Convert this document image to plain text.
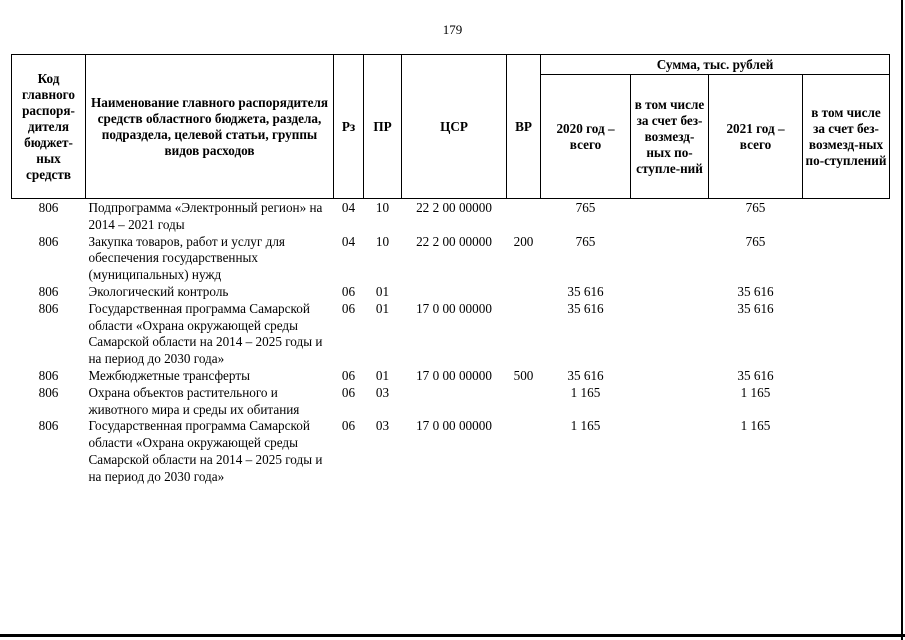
179
Код главного распоря-дителя бюджет-ных средств	Наименование главного распорядителя средств областного бюджета, раздела, подраздела, целевой статьи, группы видов расходов	Рз	ПР	ЦСР	ВР	Сумма, тыс. рублей			
						2020 год – всего	в том числе за счет без-возмезд-ных по-ступле-ний	2021 год – всего	в том числе за счет без-возмезд-ных по-ступлений
806	Подпрограмма «Электронный регион» на 2014 – 2021 годы	04	10	22 2 00 00000		765		765	
806	Закупка товаров, работ и услуг для обеспечения государственных (муниципальных) нужд	04	10	22 2 00 00000	200	765		765	
806	Экологический контроль	06	01			35 616		35 616	
806	Государственная программа Самарской области «Охрана окружающей среды Самарской области на 2014 – 2025 годы и на период до 2030 года»	06	01	17 0 00 00000		35 616		35 616	
806	Межбюджетные трансферты	06	01	17 0 00 00000	500	35 616		35 616	
806	Охрана объектов растительного и животного мира и среды их обитания	06	03			1 165		1 165	
806	Государственная программа Самарской области «Охрана окружающей среды Самарской области на 2014 – 2025 годы и на период до 2030 года»	06	03	17 0 00 00000		1 165		1 165	
